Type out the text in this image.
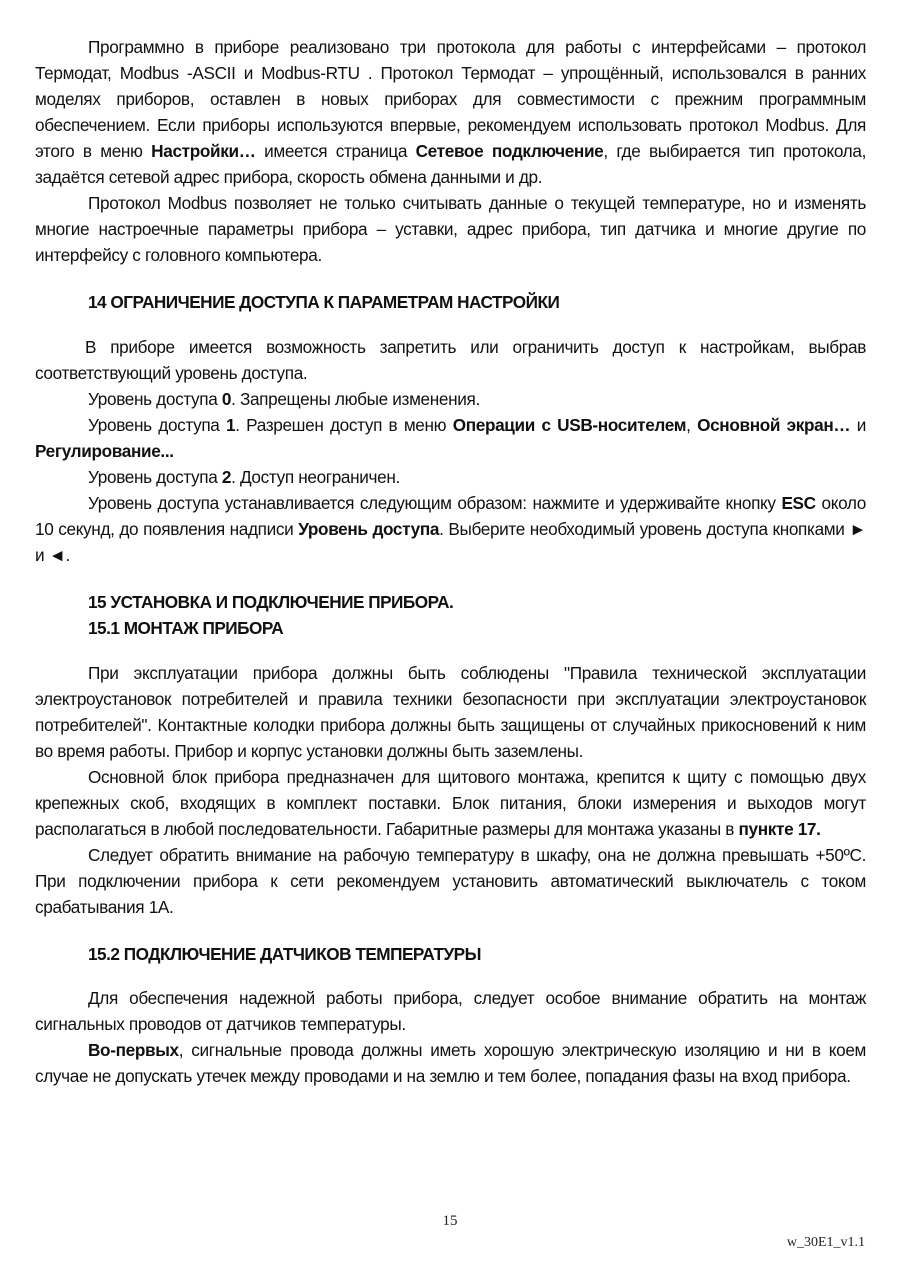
Программно в приборе реализовано три протокола для работы с интерфейсами – протокол Термодат, Modbus -ASCII и Modbus-RTU . Протокол Термодат – упрощённый, использовался в ранних моделях приборов, оставлен в новых приборах для совместимости с прежним программным обеспечением. Если приборы используются впервые, рекомендуем использовать протокол Modbus. Для этого в меню Настройки… имеется страница Сетевое подключение, где выбирается тип протокола, задаётся сетевой адрес прибора, скорость обмена данными и др.

Протокол Modbus позволяет не только считывать данные о текущей температуре, но и изменять многие настроечные параметры прибора – уставки, адрес прибора, тип датчика и многие другие по интерфейсу с головного компьютера.

14 ОГРАНИЧЕНИЕ ДОСТУПА К ПАРАМЕТРАМ НАСТРОЙКИ

В приборе имеется возможность запретить или ограничить доступ к настройкам, выбрав соответствующий уровень доступа.

Уровень доступа 0. Запрещены любые изменения.

Уровень доступа 1. Разрешен доступ в меню Операции с USB-носителем, Основной экран… и Регулирование...

Уровень доступа 2. Доступ неограничен.

Уровень доступа устанавливается следующим образом: нажмите и удерживайте кнопку ESC около 10 секунд, до появления надписи Уровень доступа. Выберите необходимый уровень доступа кнопками ► и ◄.

15 УСТАНОВКА И ПОДКЛЮЧЕНИЕ ПРИБОРА.

15.1 МОНТАЖ ПРИБОРА

При эксплуатации прибора должны быть соблюдены "Правила технической эксплуатации электроустановок потребителей и правила техники безопасности при эксплуатации электроустановок потребителей". Контактные колодки прибора должны быть защищены от случайных прикосновений к ним во время работы. Прибор и корпус установки должны быть заземлены.

Основной блок прибора предназначен для щитового монтажа, крепится к щиту с помощью двух крепежных скоб, входящих в комплект поставки. Блок питания, блоки измерения и выходов могут располагаться в любой последовательности. Габаритные размеры для монтажа указаны в пункте 17.

Следует обратить внимание на рабочую температуру в шкафу, она не должна превышать +50ºС. При подключении прибора к сети рекомендуем установить автоматический выключатель с током срабатывания 1А.

15.2 ПОДКЛЮЧЕНИЕ ДАТЧИКОВ ТЕМПЕРАТУРЫ

Для обеспечения надежной работы прибора, следует особое внимание обратить на монтаж сигнальных проводов от датчиков температуры.

Во-первых, сигнальные провода должны иметь хорошую электрическую изоляцию и ни в коем случае не допускать утечек между проводами и на землю и тем более, попадания фазы на вход прибора.

15
w_30E1_v1.1
